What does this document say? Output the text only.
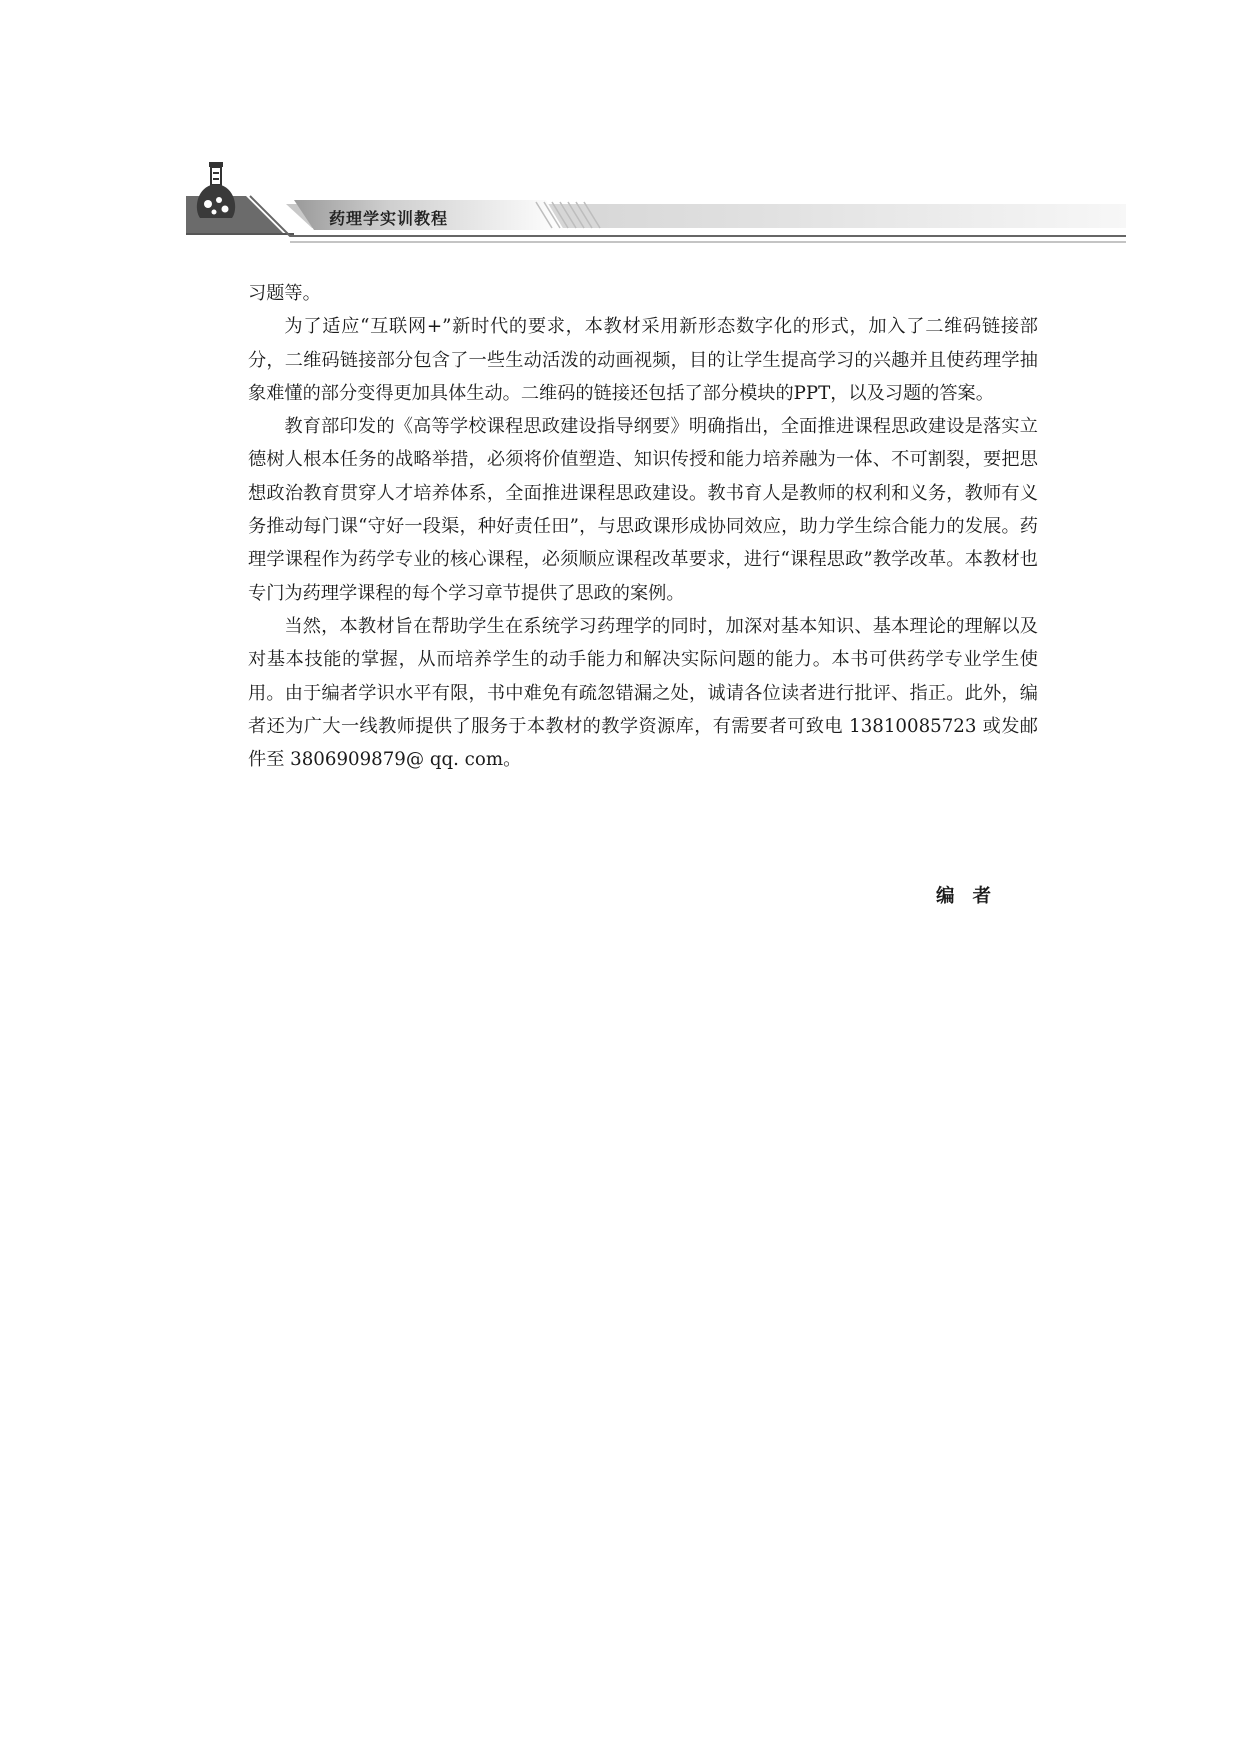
药理学实训教程

习题等。

为了适应“互联网+”新时代的要求，本教材采用新形态数字化的形式，加入了二维码链接部分，二维码链接部分包含了一些生动活泼的动画视频，目的让学生提高学习的兴趣并且使药理学抽象难懂的部分变得更加具体生动。二维码的链接还包括了部分模块的PPT，以及习题的答案。

教育部印发的《高等学校课程思政建设指导纲要》明确指出，全面推进课程思政建设是落实立德树人根本任务的战略举措，必须将价值塑造、知识传授和能力培养融为一体、不可割裂，要把思想政治教育贯穿人才培养体系，全面推进课程思政建设。教书育人是教师的权利和义务，教师有义务推动每门课“守好一段渠，种好责任田”，与思政课形成协同效应，助力学生综合能力的发展。药理学课程作为药学专业的核心课程，必须顺应课程改革要求，进行“课程思政”教学改革。本教材也专门为药理学课程的每个学习章节提供了思政的案例。

当然，本教材旨在帮助学生在系统学习药理学的同时，加深对基本知识、基本理论的理解以及对基本技能的掌握，从而培养学生的动手能力和解决实际问题的能力。本书可供药学专业学生使用。由于编者学识水平有限，书中难免有疏忽错漏之处，诚请各位读者进行批评、指正。此外，编者还为广大一线教师提供了服务于本教材的教学资源库，有需要者可致电 13810085723 或发邮件至 3806909879@ qq. com。

编者
